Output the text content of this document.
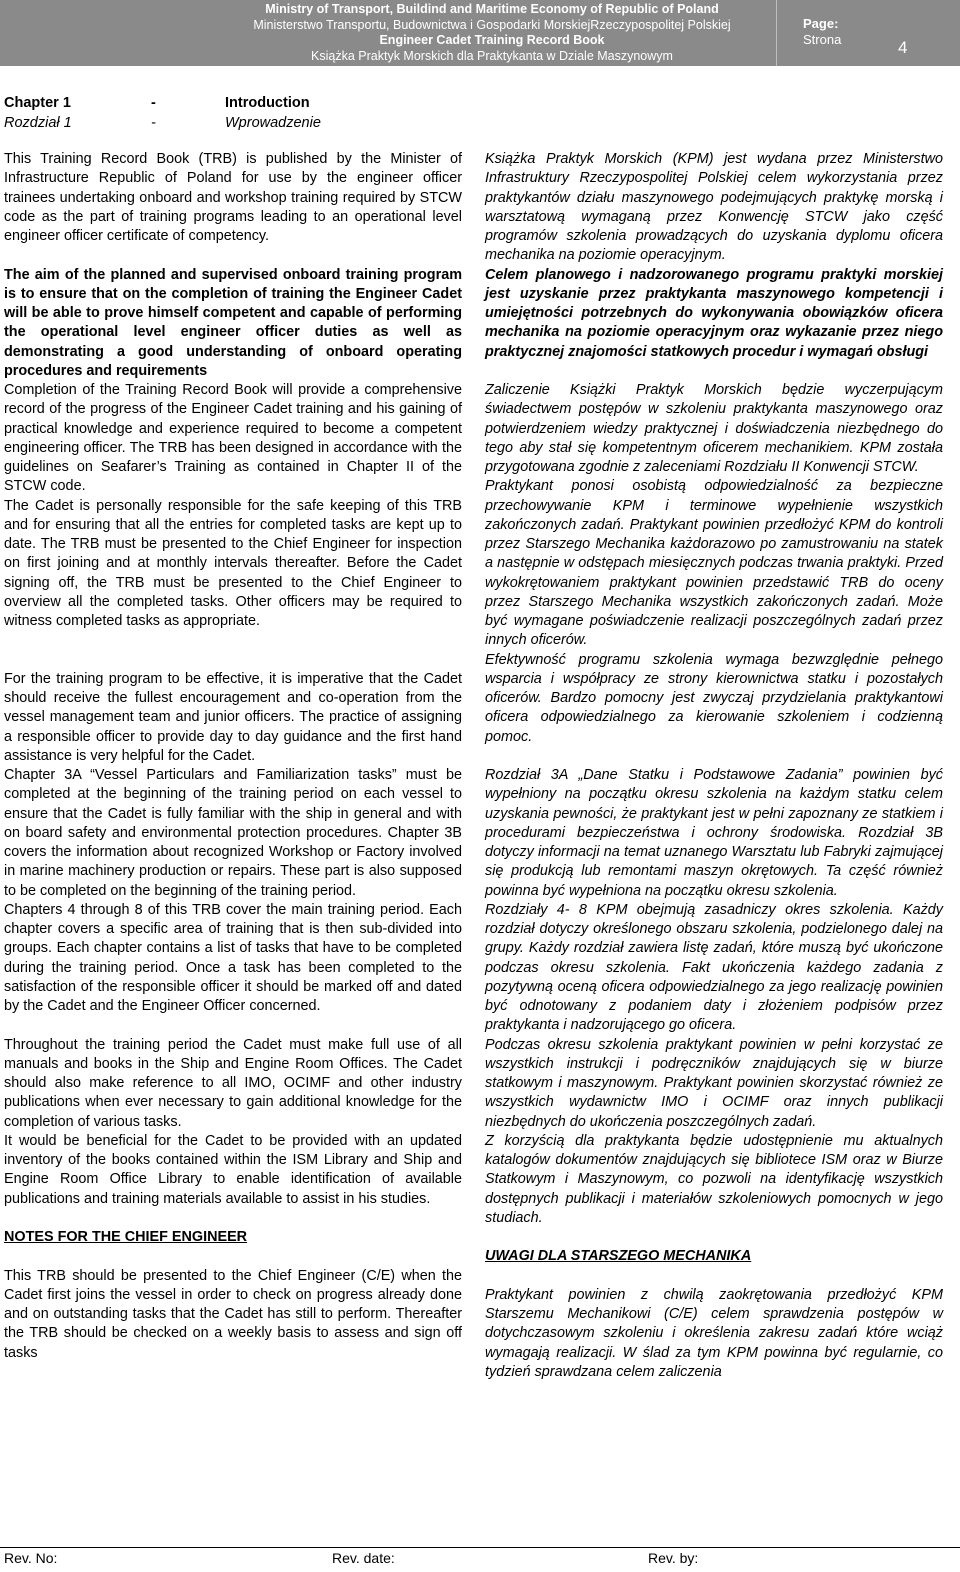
Ministry of Transport, Buildind and Maritime Economy of Republic of Poland
Ministerstwo Transportu, Budownictwa i Gospodarki MorskiejRzeczypospolitej Polskiej
Engineer Cadet Training Record Book
Książka Praktyk Morskich dla Praktykanta w Dziale Maszynowym
Page:
Strona	4
Chapter 1	-	Introduction
Rozdział 1	-	Wprowadzenie

This Training Record Book (TRB) is published by the Minister of Infrastructure Republic of Poland for use by the engineer officer trainees undertaking onboard and workshop training required by STCW code as the part of training programs leading to an operational level engineer officer certificate of competency.

The aim of the planned and supervised onboard training program is to ensure that on the completion of training the Engineer Cadet will be able to prove himself competent and capable of performing the operational level engineer officer duties as well as demonstrating a good understanding of onboard operating procedures and requirements

Completion of the Training Record Book will provide a comprehensive record of the progress of the Engineer Cadet training and his gaining of practical knowledge and experience required to become a competent engineering officer. The TRB has been designed in accordance with the guidelines on Seafarer’s Training as contained in Chapter II of the STCW code.

The Cadet is personally responsible for the safe keeping of this TRB and for ensuring that all the entries for completed tasks are kept up to date. The TRB must be presented to the Chief Engineer for inspection on first joining and at monthly intervals thereafter. Before the Cadet signing off, the TRB must be presented to the Chief Engineer to overview all the completed tasks. Other officers may be required to witness completed tasks as appropriate.

For the training program to be effective, it is imperative that the Cadet should receive the fullest encouragement and co-operation from the vessel management team and junior officers. The practice of assigning a responsible officer to provide day to day guidance and the first hand assistance is very helpful for the Cadet.

Chapter 3A “Vessel Particulars and Familiarization tasks” must be completed at the beginning of the training period on each vessel to ensure that the Cadet is fully familiar with the ship in general and with on board safety and environmental protection procedures. Chapter 3B covers the information about recognized Workshop or Factory involved in marine machinery production or repairs. These part is also supposed to be completed on the beginning of the training period.

Chapters 4 through 8 of this TRB cover the main training period. Each chapter covers a specific area of training that is then sub-divided into groups. Each chapter contains a list of tasks that have to be completed during the training period. Once a task has been completed to the satisfaction of the responsible officer it should be marked off and dated by the Cadet and the Engineer Officer concerned.

Throughout the training period the Cadet must make full use of all manuals and books in the Ship and Engine Room Offices. The Cadet should also make reference to all IMO, OCIMF and other industry publications when ever necessary to gain additional knowledge for the completion of various tasks.

It would be beneficial for the Cadet to be provided with an updated inventory of the books contained within the ISM Library and Ship and Engine Room Office Library to enable identification of available publications and training materials available to assist in his studies.

NOTES FOR THE CHIEF ENGINEER

This TRB should be presented to the Chief Engineer (C/E) when the Cadet first joins the vessel in order to check on progress already done and on outstanding tasks that the Cadet has still to perform. Thereafter the TRB should be checked on a weekly basis to assess and sign off tasks

Książka Praktyk Morskich (KPM) jest wydana przez Ministerstwo Infrastruktury Rzeczypospolitej Polskiej celem wykorzystania przez praktykantów działu maszynowego podejmujących praktykę morską i warsztatową wymaganą przez Konwencję STCW jako część programów szkolenia prowadzących do uzyskania dyplomu oficera mechanika na poziomie operacyjnym.

Celem planowego i nadzorowanego programu praktyki morskiej jest uzyskanie przez praktykanta maszynowego kompetencji i umiejętności potrzebnych do wykonywania obowiązków oficera mechanika na poziomie operacyjnym oraz wykazanie przez niego praktycznej znajomości statkowych procedur i wymagań obsługi

Zaliczenie Książki Praktyk Morskich będzie wyczerpującym świadectwem postępów w szkoleniu praktykanta maszynowego oraz potwierdzeniem wiedzy praktycznej i doświadczenia niezbędnego do tego aby stał się kompetentnym oficerem mechanikiem. KPM została przygotowana zgodnie z zaleceniami Rozdziału II Konwencji STCW.

Praktykant ponosi osobistą odpowiedzialność za bezpieczne przechowywanie KPM i terminowe wypełnienie wszystkich zakończonych zadań. Praktykant powinien przedłożyć KPM do kontroli przez Starszego Mechanika każdorazowo po zamustrowaniu na statek a następnie w odstępach miesięcznych podczas trwania praktyki. Przed wykokrętowaniem praktykant powinien przedstawić TRB do oceny przez Starszego Mechanika wszystkich zakończonych zadań. Może być wymagane poświadczenie realizacji poszczególnych zadań przez innych oficerów.

Efektywność programu szkolenia wymaga bezwzględnie pełnego wsparcia i współpracy ze strony kierownictwa statku i pozostałych oficerów. Bardzo pomocny jest zwyczaj przydzielania praktykantowi oficera odpowiedzialnego za kierowanie szkoleniem i codzienną pomoc.

Rozdział 3A „Dane Statku i Podstawowe Zadania” powinien być wypełniony na początku okresu szkolenia na każdym statku celem uzyskania pewności, że praktykant jest w pełni zapoznany ze statkiem i procedurami bezpieczeństwa i ochrony środowiska. Rozdział 3B dotyczy informacji na temat uznanego Warsztatu lub Fabryki zajmującej się produkcją lub remontami maszyn okrętowych. Ta część również powinna być wypełniona na początku okresu szkolenia.

Rozdziały 4- 8 KPM obejmują zasadniczy okres szkolenia. Każdy rozdział dotyczy określonego obszaru szkolenia, podzielonego dalej na grupy. Każdy rozdział zawiera listę zadań, które muszą być ukończone podczas okresu szkolenia. Fakt ukończenia każdego zadania z pozytywną oceną oficera odpowiedzialnego za jego realizację powinien być odnotowany z podaniem daty i złożeniem podpisów przez praktykanta i nadzorującego go oficera.

Podczas okresu szkolenia praktykant powinien w pełni korzystać ze wszystkich instrukcji i podręczników znajdujących się w biurze statkowym i maszynowym. Praktykant powinien skorzystać również ze wszystkich wydawnictw IMO i OCIMF oraz innych publikacji niezbędnych do ukończenia poszczególnych zadań.

Z korzyścią dla praktykanta będzie udostępnienie mu aktualnych katalogów dokumentów znajdujących się bibliotece ISM oraz w Biurze Statkowym i Maszynowym, co pozwoli na identyfikację wszystkich dostępnych publikacji i materiałów szkoleniowych pomocnych w jego studiach.

UWAGI DLA STARSZEGO MECHANIKA

Praktykant powinien z chwilą zaokrętowania przedłożyć KPM Starszemu Mechanikowi (C/E) celem sprawdzenia postępów w dotychczasowym szkoleniu i określenia zakresu zadań które wciąż wymagają realizacji. W ślad za tym KPM powinna być regularnie, co tydzień sprawdzana celem zaliczenia

Rev. No:	Rev. date:	Rev. by:
